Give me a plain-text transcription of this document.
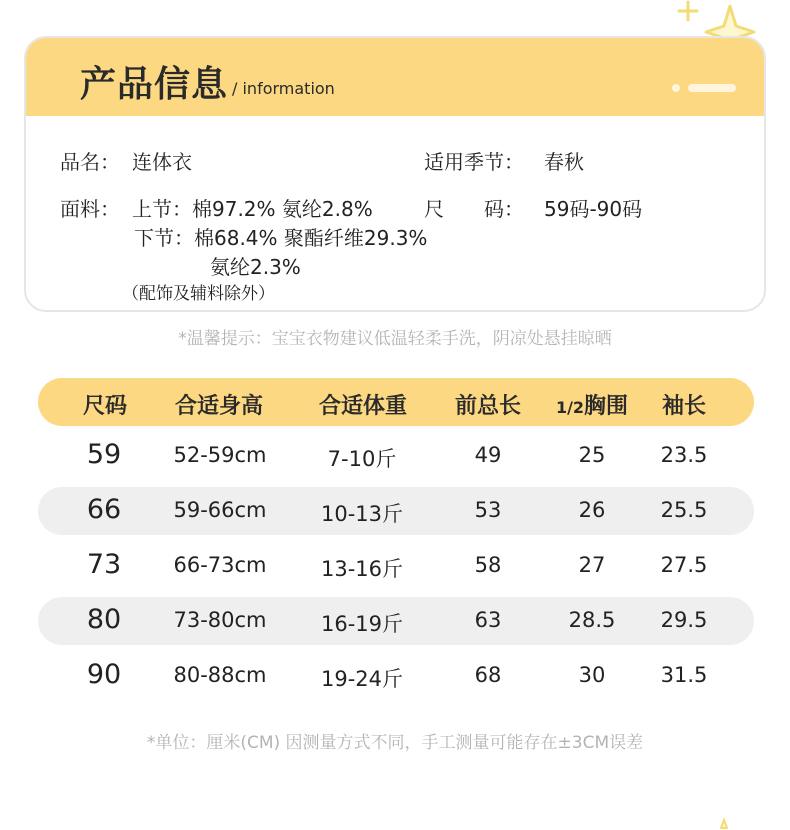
产品信息 / information
品名： 连体衣	适用季节： 春秋
面料： 上节：棉97.2% 氨纶2.8%
下节：棉68.4% 聚酯纤维29.3%
氨纶2.3%
（配饰及辅料除外）
尺　　码： 59码-90码
*温馨提示：宝宝衣物建议低温轻柔手洗，阴凉处悬挂晾晒
尺码 合适身高	合适体重 前总长 1/2胸围 袖长
59 52-59cm	7-10斤	49	25	23.5
66 59-66cm	10-13斤	53	26	25.5
73 66-73cm	13-16斤	58	27	27.5
80 73-80cm	16-19斤	63	28.5 29.5
90 80-88cm	19-24斤	68	30	31.5
*单位：厘米(CM) 因测量方式不同，手工测量可能存在±3CM误差
